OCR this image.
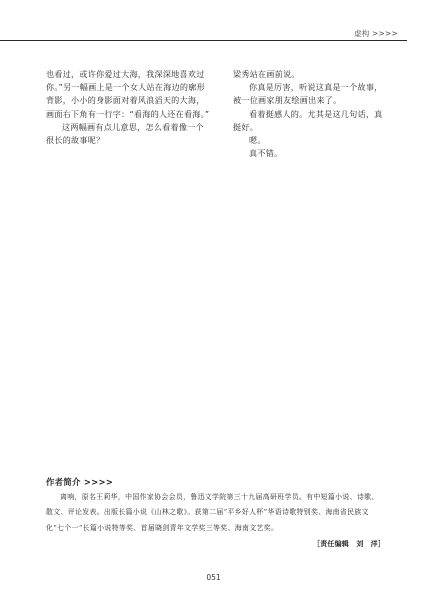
虚构 >>>>

也看过，或许你爱过大海，我深深地喜欢过你。”另一幅画上是一个女人站在海边的廓形背影，小小的身影面对着风浪滔天的大海，画面右下角有一行字：“看海的人还在看海。”

这两幅画有点儿意思，怎么看着像一个很长的故事呢？

梁秀站在画前说。

你真是厉害，听说这真是一个故事，被一位画家朋友绘画出来了。

看着挺感人的。尤其是这几句话，真挺好。

嗯。

真不错。

作者简介 >>>>

离响，原名王莉华，中国作家协会会员，鲁迅文学院第三十九届高研班学员。有中短篇小说、诗歌、散文、评论发表。出版长篇小说《山林之歌》。获第二届“平乡好人杯”华语诗歌特别奖、海南省民族文化“七个一”长篇小说特等奖、首届晓剑青年文学奖三等奖、海南文艺奖。

［责任编辑　刘　洋］
051
